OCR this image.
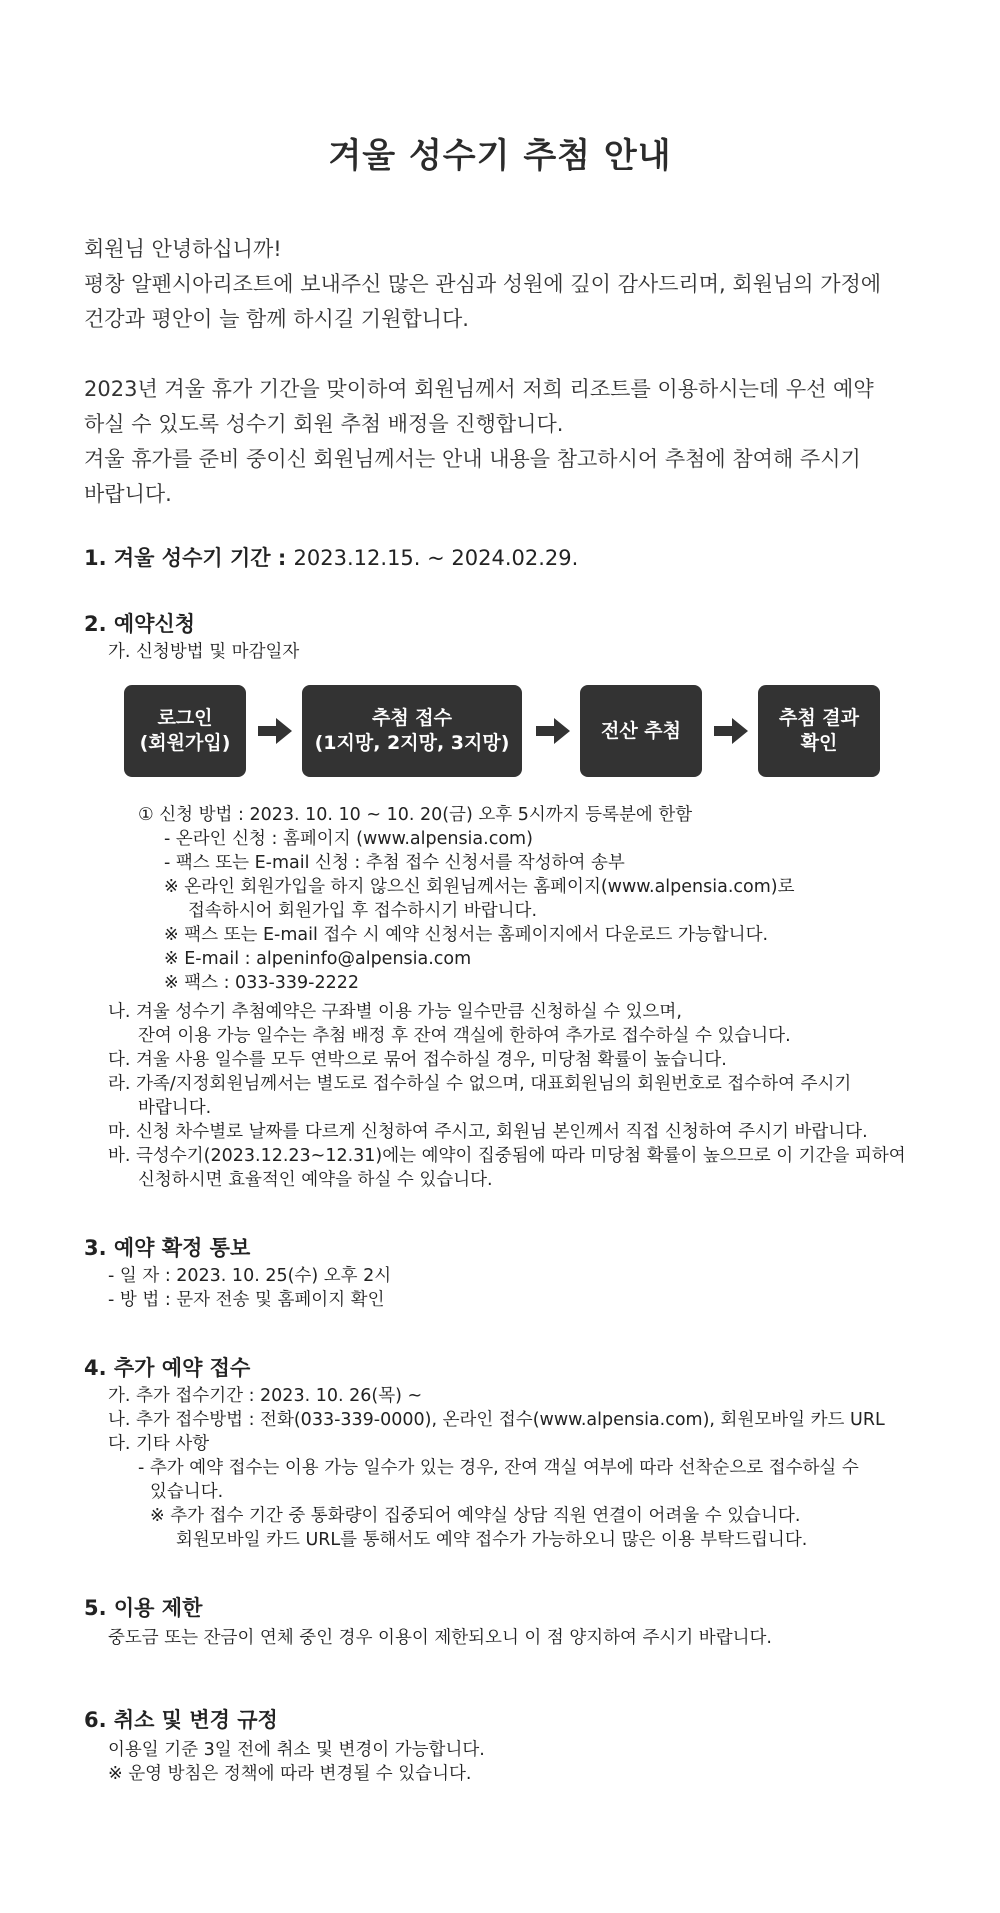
겨울 성수기 추첨 안내

회원님 안녕하십니까!

평창 알펜시아리조트에 보내주신 많은 관심과 성원에 깊이 감사드리며, 회원님의 가정에

건강과 평안이 늘 함께 하시길 기원합니다.

2023년 겨울 휴가 기간을 맞이하여 회원님께서 저희 리조트를 이용하시는데 우선 예약

하실 수 있도록 성수기 회원 추첨 배정을 진행합니다.

겨울 휴가를 준비 중이신 회원님께서는 안내 내용을 참고하시어 추첨에 참여해 주시기

바랍니다.

1. 겨울 성수기 기간 : 2023.12.15. ~ 2024.02.29.
2. 예약신청
가. 신청방법 및 마감일자
로그인
(회원가입)
추첨 접수
(1지망, 2지망, 3지망)
전산 추첨
추첨 결과
확인
① 신청 방법 : 2023. 10. 10 ~ 10. 20(금) 오후 5시까지 등록분에 한함
- 온라인 신청 : 홈페이지 (www.alpensia.com)
- 팩스 또는 E-mail 신청 : 추첨 접수 신청서를 작성하여 송부
※ 온라인 회원가입을 하지 않으신 회원님께서는 홈페이지(www.alpensia.com)로
접속하시어 회원가입 후 접수하시기 바랍니다.
※ 팩스 또는 E-mail 접수 시 예약 신청서는 홈페이지에서 다운로드 가능합니다.
※ E-mail : alpeninfo@alpensia.com
※ 팩스 : 033-339-2222
나. 겨울 성수기 추첨예약은 구좌별 이용 가능 일수만큼 신청하실 수 있으며,
잔여 이용 가능 일수는 추첨 배정 후 잔여 객실에 한하여 추가로 접수하실 수 있습니다.
다. 겨울 사용 일수를 모두 연박으로 묶어 접수하실 경우, 미당첨 확률이 높습니다.
라. 가족/지정회원님께서는 별도로 접수하실 수 없으며, 대표회원님의 회원번호로 접수하여 주시기
바랍니다.
마. 신청 차수별로 날짜를 다르게 신청하여 주시고, 회원님 본인께서 직접 신청하여 주시기 바랍니다.
바. 극성수기(2023.12.23~12.31)에는 예약이 집중됨에 따라 미당첨 확률이 높으므로 이 기간을 피하여
신청하시면 효율적인 예약을 하실 수 있습니다.
3. 예약 확정 통보
- 일 자 : 2023. 10. 25(수) 오후 2시
- 방 법 : 문자 전송 및 홈페이지 확인
4. 추가 예약 접수
가. 추가 접수기간 : 2023. 10. 26(목) ~
나. 추가 접수방법 : 전화(033-339-0000), 온라인 접수(www.alpensia.com), 회원모바일 카드 URL
다. 기타 사항
- 추가 예약 접수는 이용 가능 일수가 있는 경우, 잔여 객실 여부에 따라 선착순으로 접수하실 수
있습니다.
※ 추가 접수 기간 중 통화량이 집중되어 예약실 상담 직원 연결이 어려울 수 있습니다.
회원모바일 카드 URL를 통해서도 예약 접수가 가능하오니 많은 이용 부탁드립니다.
5. 이용 제한
중도금 또는 잔금이 연체 중인 경우 이용이 제한되오니 이 점 양지하여 주시기 바랍니다.
6. 취소 및 변경 규정
이용일 기준 3일 전에 취소 및 변경이 가능합니다.
※ 운영 방침은 정책에 따라 변경될 수 있습니다.
